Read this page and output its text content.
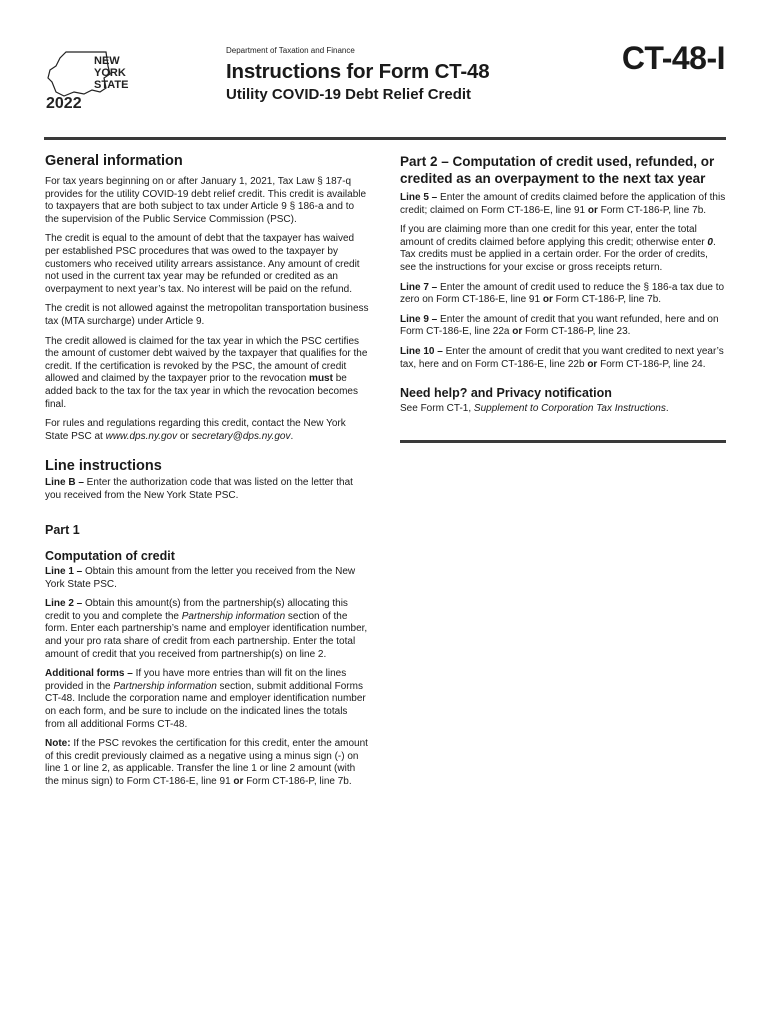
NEW
YORK
STATE
2022
Department of Taxation and Finance
Instructions for Form CT-48
Utility COVID-19 Debt Relief Credit
CT-48-I
General information

For tax years beginning on or after January 1, 2021, Tax Law § 187-q provides for the utility COVID-19 debt relief credit. This credit is available to taxpayers that are both subject to tax under Article 9 § 186-a and to the supervision of the Public Service Commission (PSC).

The credit is equal to the amount of debt that the taxpayer has waived per established PSC procedures that was owed to the taxpayer by customers who received utility arrears assistance. Any amount of credit not used in the current tax year may be refunded or credited as an overpayment to next year’s tax. No interest will be paid on the refund.

The credit is not allowed against the metropolitan transportation business tax (MTA surcharge) under Article 9.

The credit allowed is claimed for the tax year in which the PSC certifies the amount of customer debt waived by the taxpayer that qualifies for the credit. If the certification is revoked by the PSC, the amount of credit allowed and claimed by the taxpayer prior to the revocation must be added back to the tax for the tax year in which the revocation becomes final.

For rules and regulations regarding this credit, contact the New York State PSC at www.dps.ny.gov or secretary@dps.ny.gov.

Line instructions

Line B – Enter the authorization code that was listed on the letter that you received from the New York State PSC.

Part 1
Computation of credit

Line 1 – Obtain this amount from the letter you received from the New York State PSC.

Line 2 – Obtain this amount(s) from the partnership(s) allocating this credit to you and complete the Partnership information section of the form. Enter each partnership’s name and employer identification number, and your pro rata share of credit from each partnership. Enter the total amount of credit that you received from partnership(s) on line 2.

Additional forms – If you have more entries than will fit on the lines provided in the Partnership information section, submit additional Forms CT-48. Include the corporation name and employer identification number on each form, and be sure to include on the indicated lines the totals from all additional Forms CT-48.

Note: If the PSC revokes the certification for this credit, enter the amount of this credit previously claimed as a negative using a minus sign (-) on line 1 or line 2, as applicable. Transfer the line 1 or line 2 amount (with the minus sign) to Form CT-186-E, line 91 or Form CT-186-P, line 7b.

Part 2 – Computation of credit used, refunded, or credited as an overpayment to the next tax year

Line 5 – Enter the amount of credits claimed before the application of this credit; claimed on Form CT-186-E, line 91 or Form CT-186-P, line 7b.

If you are claiming more than one credit for this year, enter the total amount of credits claimed before applying this credit; otherwise enter 0. Tax credits must be applied in a certain order. For the order of credits, see the instructions for your excise or gross receipts return.

Line 7 – Enter the amount of credit used to reduce the § 186-a tax due to zero on Form CT-186-E, line 91 or Form CT-186-P, line 7b.

Line 9 – Enter the amount of credit that you want refunded, here and on Form CT-186-E, line 22a or Form CT-186-P, line 23.

Line 10 – Enter the amount of credit that you want credited to next year’s tax, here and on Form CT-186-E, line 22b or Form CT-186-P, line 24.

Need help? and Privacy notification

See Form CT-1, Supplement to Corporation Tax Instructions.
